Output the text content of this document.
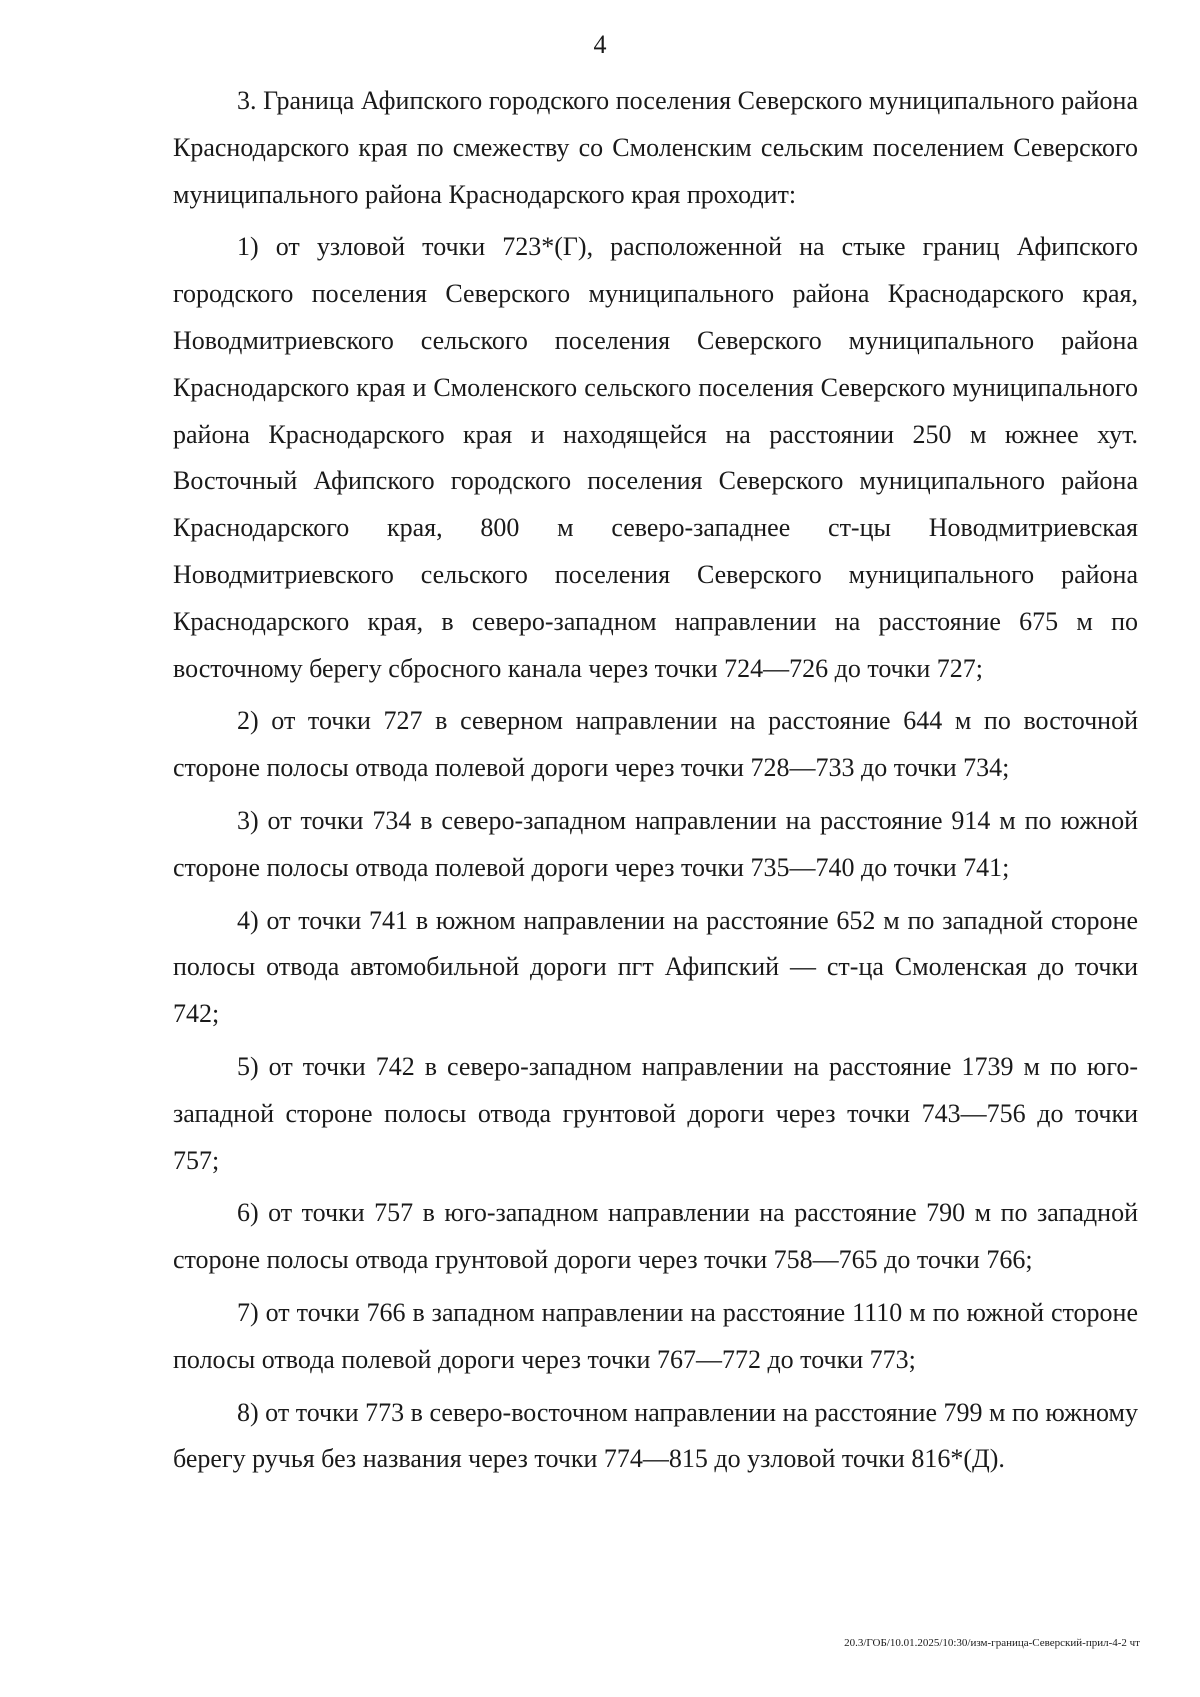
4

3. Граница Афипского городского поселения Северского муниципального района Краснодарского края по смежеству со Смоленским сельским поселением Северского муниципального района Краснодарского края проходит:

1) от узловой точки 723*(Г), расположенной на стыке границ Афипского городского поселения Северского муниципального района Краснодарского края, Новодмитриевского сельского поселения Северского муниципального района Краснодарского края и Смоленского сельского поселения Северского муниципального района Краснодарского края и находящейся на расстоянии 250 м южнее хут. Восточный Афипского городского поселения Северского муниципального района Краснодарского края, 800 м северо-западнее ст-цы Новодмитриевская Новодмитриевского сельского поселения Северского муниципального района Краснодарского края, в северо-западном направлении на расстояние 675 м по восточному берегу сбросного канала через точки 724—726 до точки 727;

2) от точки 727 в северном направлении на расстояние 644 м по восточной стороне полосы отвода полевой дороги через точки 728—733 до точки 734;

3) от точки 734 в северо-западном направлении на расстояние 914 м по южной стороне полосы отвода полевой дороги через точки 735—740 до точки 741;

4) от точки 741 в южном направлении на расстояние 652 м по западной стороне полосы отвода автомобильной дороги пгт Афипский — ст-ца Смоленская до точки 742;

5) от точки 742 в северо-западном направлении на расстояние 1739 м по юго-западной стороне полосы отвода грунтовой дороги через точки 743—756 до точки 757;

6) от точки 757 в юго-западном направлении на расстояние 790 м по западной стороне полосы отвода грунтовой дороги через точки 758—765 до точки 766;

7) от точки 766 в западном направлении на расстояние 1110 м по южной стороне полосы отвода полевой дороги через точки 767—772 до точки 773;

8) от точки 773 в северо-восточном направлении на расстояние 799 м по южному берегу ручья без названия через точки 774—815 до узловой точки 816*(Д).

20.3/ГОБ/10.01.2025/10:30/изм-граница-Северский-прил-4-2 чт
